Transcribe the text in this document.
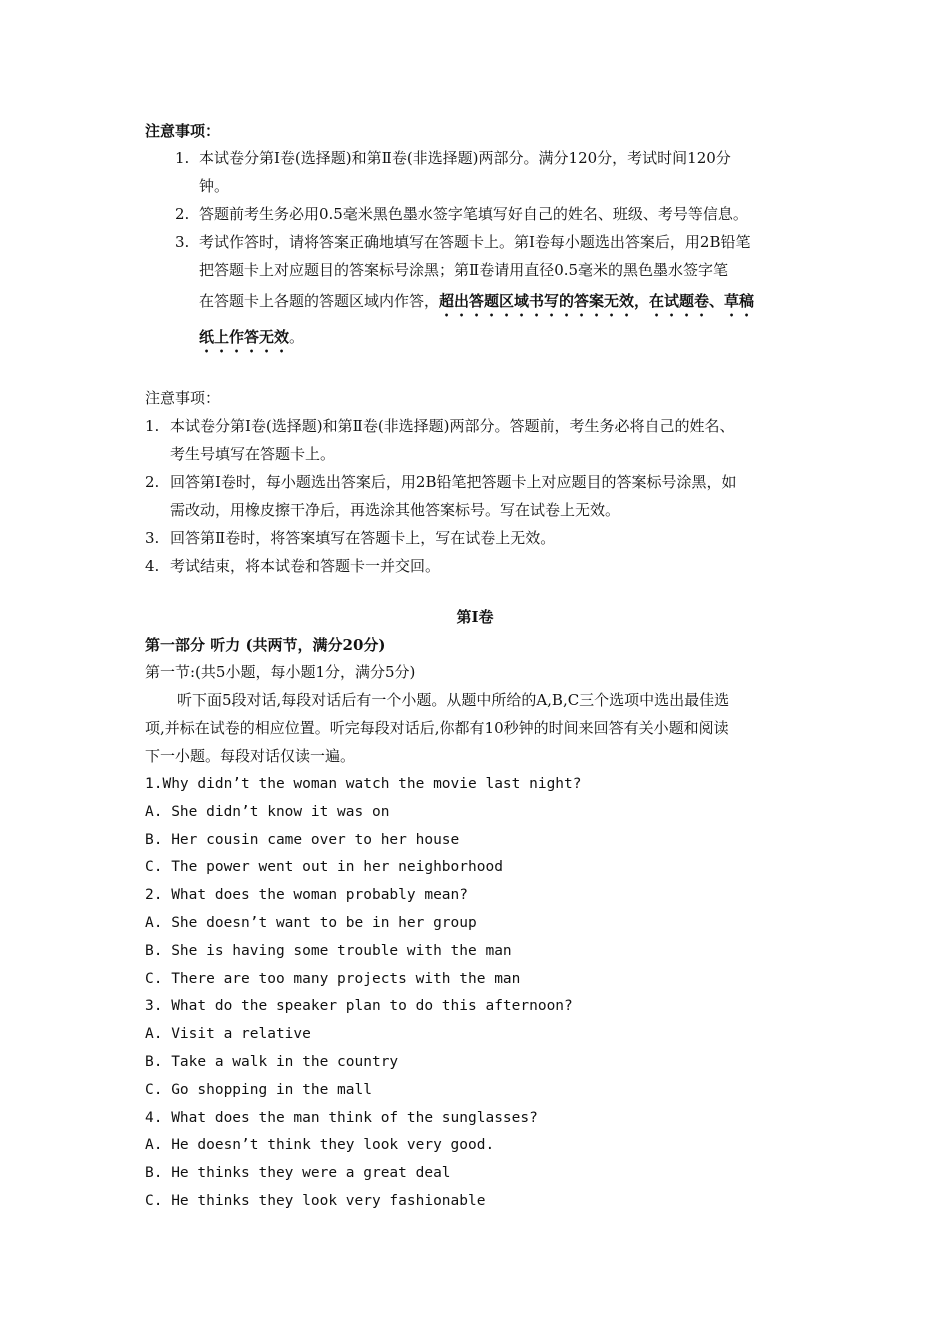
注意事项：
1. 本试卷分第Ⅰ卷(选择题)和第Ⅱ卷(非选择题)两部分。满分120分，考试时间120分
钟。
2. 答题前考生务必用0.5毫米黑色墨水签字笔填写好自己的姓名、班级、考号等信息。
3. 考试作答时，请将答案正确地填写在答题卡上。第Ⅰ卷每小题选出答案后，用2B铅笔
把答题卡上对应题目的答案标号涂黑；第Ⅱ卷请用直径0.5毫米的黑色墨水签字笔
在答题卡上各题的答题区域内作答，超出答题区域书写的答案无效，在试题卷、草稿
纸上作答无效。
注意事项：
1. 本试卷分第Ⅰ卷(选择题)和第Ⅱ卷(非选择题)两部分。答题前，考生务必将自己的姓名、
考生号填写在答题卡上。
2. 回答第Ⅰ卷时，每小题选出答案后，用2B铅笔把答题卡上对应题目的答案标号涂黑，如
需改动，用橡皮擦干净后，再选涂其他答案标号。写在试卷上无效。
3. 回答第Ⅱ卷时，将答案填写在答题卡上，写在试卷上无效。
4. 考试结束，将本试卷和答题卡一并交回。
第Ⅰ卷
第一部分 听力 (共两节，满分20分)
第一节:(共5小题，每小题1分，满分5分)
听下面5段对话,每段对话后有一个小题。从题中所给的A,B,C三个选项中选出最佳选
项,并标在试卷的相应位置。听完每段对话后,你都有10秒钟的时间来回答有关小题和阅读
下一小题。每段对话仅读一遍。
1.Why didn’t the woman watch the movie last night?
A. She didn’t know it was on
B. Her cousin came over to her house
C. The power went out in her neighborhood
2. What does the woman probably mean?
A. She doesn’t want to be in her group
B. She is having some trouble with the man
C. There are too many projects with the man
3. What do the speaker plan to do this afternoon?
A. Visit a relative
B. Take a walk in the country
C. Go shopping in the mall
4. What does the man think of the sunglasses?
A. He doesn’t think they look very good.
B. He thinks they were a great deal
C. He thinks they look very fashionable
